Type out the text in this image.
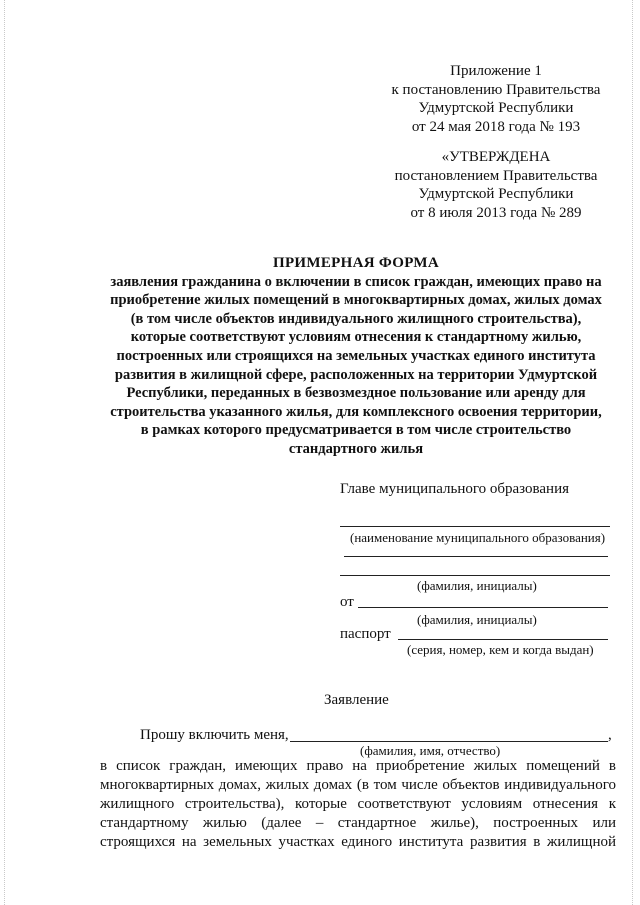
Приложение 1
к постановлению Правительства
Удмуртской Республики
от 24 мая 2018 года № 193
«УТВЕРЖДЕНА
постановлением Правительства
Удмуртской Республики
от 8 июля 2013 года № 289
ПРИМЕРНАЯ ФОРМА
заявления гражданина о включении в список граждан, имеющих право на
приобретение жилых помещений в многоквартирных домах, жилых домах
(в том числе объектов индивидуального жилищного строительства),
которые соответствуют условиям отнесения к стандартному жилью,
построенных или строящихся на земельных участках единого института
развития в жилищной сфере, расположенных на территории Удмуртской
Республики, переданных в безвозмездное пользование или аренду для
строительства указанного жилья, для комплексного освоения территории,
в рамках которого предусматривается в том числе строительство
стандартного жилья
Главе муниципального образования
(наименование муниципального образования)
(фамилия, инициалы)
от
(фамилия, инициалы)
паспорт
(серия, номер, кем и когда выдан)
Заявление
Прошу включить меня,	,
(фамилия, имя, отчество)
в список граждан, имеющих право на приобретение жилых помещений в
многоквартирных домах, жилых домах (в том числе объектов индивидуального
жилищного строительства), которые соответствуют условиям отнесения к
стандартному жилью (далее – стандартное жилье), построенных или
строящихся на земельных участках единого института развития в жилищной
